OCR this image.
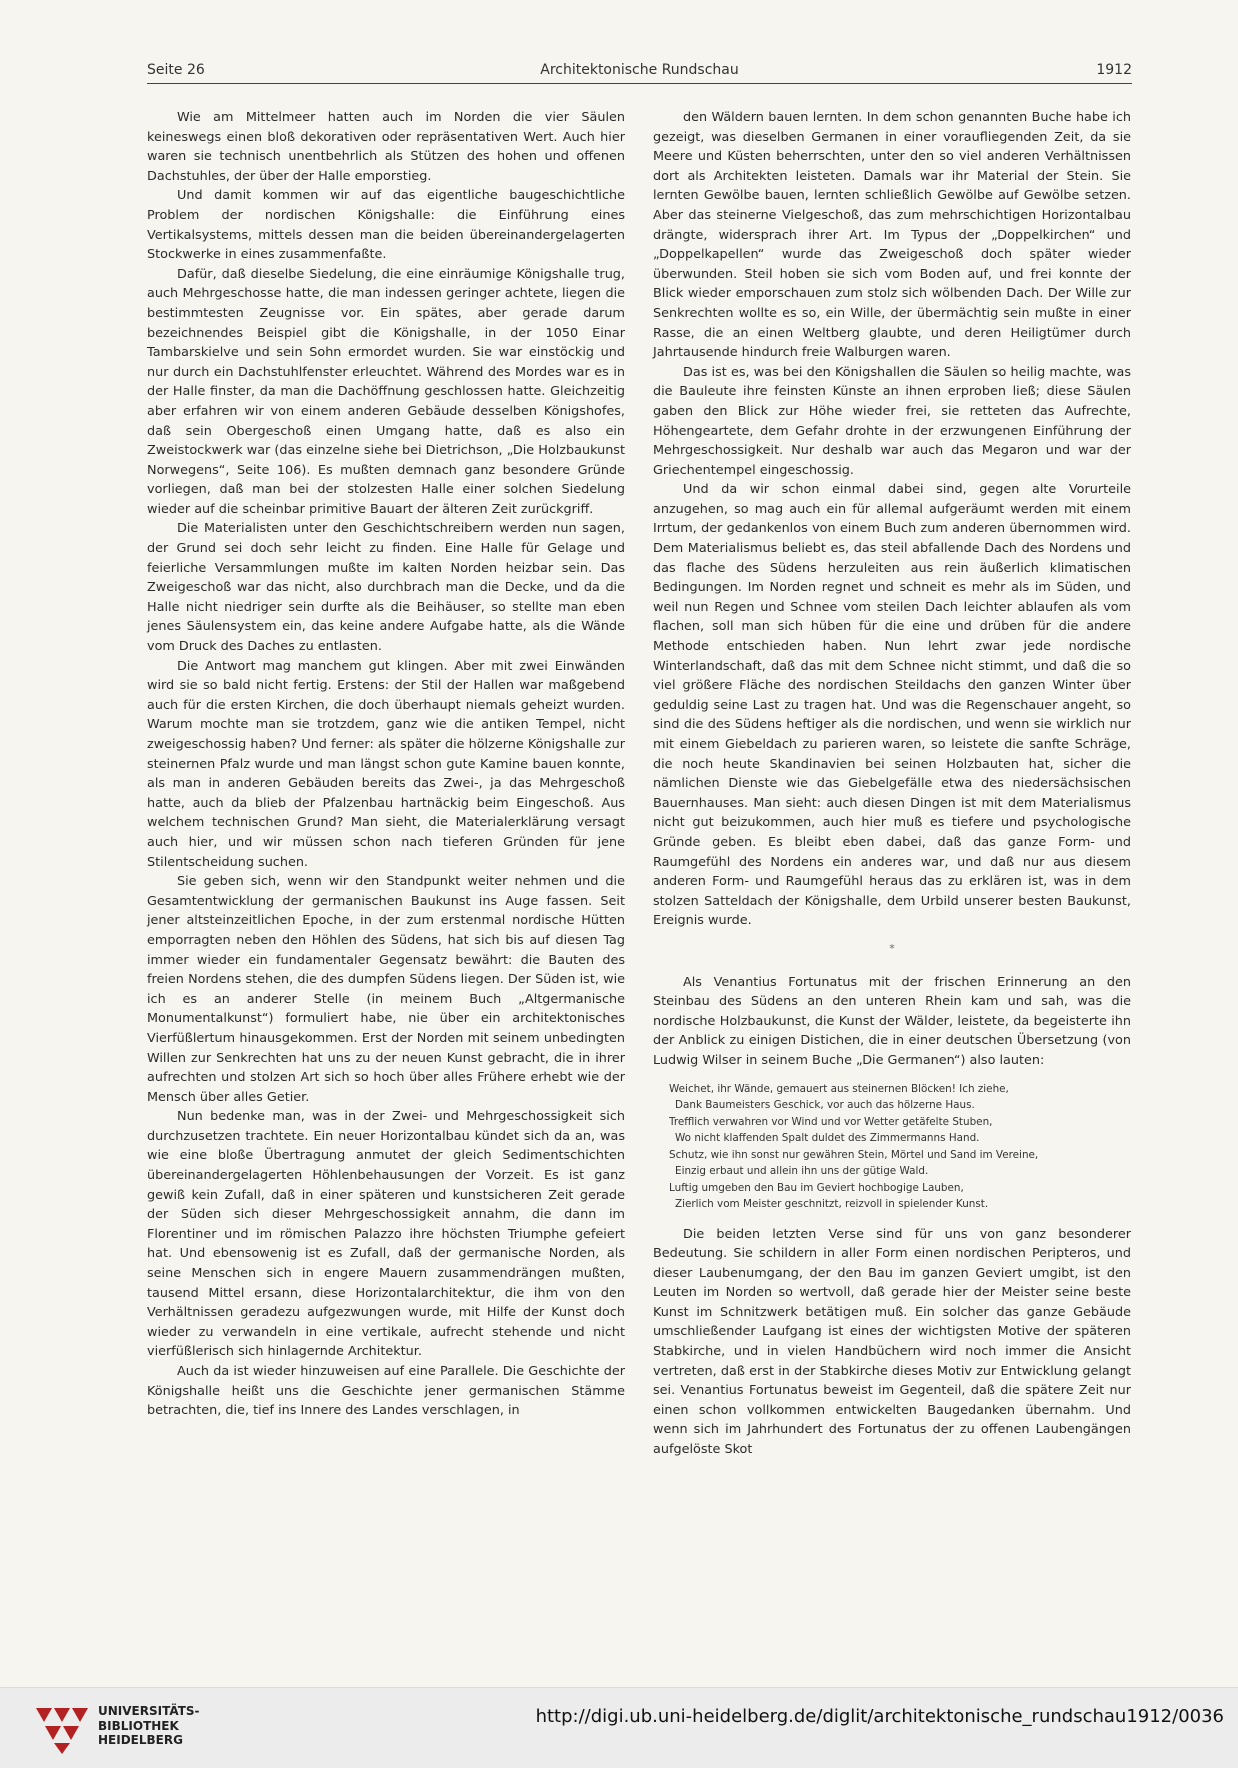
Seite 26	Architektonische Rundschau	1912

Wie am Mittelmeer hatten auch im Norden die vier Säulen keineswegs einen bloß dekorativen oder repräsentativen Wert. Auch hier waren sie technisch unentbehrlich als Stützen des hohen und offenen Dachstuhles, der über der Halle emporstieg.

Und damit kommen wir auf das eigentliche baugeschichtliche Problem der nordischen Königshalle: die Einführung eines Vertikalsystems, mittels dessen man die beiden übereinandergelagerten Stockwerke in eines zusammenfaßte.

Dafür, daß dieselbe Siedelung, die eine einräumige Königshalle trug, auch Mehrgeschosse hatte, die man indessen geringer achtete, liegen die bestimmtesten Zeugnisse vor. Ein spätes, aber gerade darum bezeichnendes Beispiel gibt die Königshalle, in der 1050 Einar Tambarskielve und sein Sohn ermordet wurden. Sie war einstöckig und nur durch ein Dachstuhlfenster erleuchtet. Während des Mordes war es in der Halle finster, da man die Dachöffnung geschlossen hatte. Gleichzeitig aber erfahren wir von einem anderen Gebäude desselben Königshofes, daß sein Obergeschoß einen Umgang hatte, daß es also ein Zweistockwerk war (das einzelne siehe bei Dietrichson, „Die Holzbaukunst Norwegens“, Seite 106). Es mußten demnach ganz besondere Gründe vorliegen, daß man bei der stolzesten Halle einer solchen Siedelung wieder auf die scheinbar primitive Bauart der älteren Zeit zurückgriff.

Die Materialisten unter den Geschichtschreibern werden nun sagen, der Grund sei doch sehr leicht zu finden. Eine Halle für Gelage und feierliche Versammlungen mußte im kalten Norden heizbar sein. Das Zweigeschoß war das nicht, also durchbrach man die Decke, und da die Halle nicht niedriger sein durfte als die Beihäuser, so stellte man eben jenes Säulensystem ein, das keine andere Aufgabe hatte, als die Wände vom Druck des Daches zu entlasten.

Die Antwort mag manchem gut klingen. Aber mit zwei Einwänden wird sie so bald nicht fertig. Erstens: der Stil der Hallen war maßgebend auch für die ersten Kirchen, die doch überhaupt niemals geheizt wurden. Warum mochte man sie trotzdem, ganz wie die antiken Tempel, nicht zweigeschossig haben? Und ferner: als später die hölzerne Königshalle zur steinernen Pfalz wurde und man längst schon gute Kamine bauen konnte, als man in anderen Gebäuden bereits das Zwei-, ja das Mehrgeschoß hatte, auch da blieb der Pfalzenbau hartnäckig beim Eingeschoß. Aus welchem technischen Grund? Man sieht, die Materialerklärung versagt auch hier, und wir müssen schon nach tieferen Gründen für jene Stilentscheidung suchen.

Sie geben sich, wenn wir den Standpunkt weiter nehmen und die Gesamtentwicklung der germanischen Baukunst ins Auge fassen. Seit jener altsteinzeitlichen Epoche, in der zum erstenmal nordische Hütten emporragten neben den Höhlen des Südens, hat sich bis auf diesen Tag immer wieder ein fundamentaler Gegensatz bewährt: die Bauten des freien Nordens stehen, die des dumpfen Südens liegen. Der Süden ist, wie ich es an anderer Stelle (in meinem Buch „Altgermanische Monumentalkunst“) formuliert habe, nie über ein architektonisches Vierfüßlertum hinausgekommen. Erst der Norden mit seinem unbedingten Willen zur Senkrechten hat uns zu der neuen Kunst gebracht, die in ihrer aufrechten und stolzen Art sich so hoch über alles Frühere erhebt wie der Mensch über alles Getier.

Nun bedenke man, was in der Zwei- und Mehrgeschossigkeit sich durchzusetzen trachtete. Ein neuer Horizontalbau kündet sich da an, was wie eine bloße Übertragung anmutet der gleich Sedimentschichten übereinandergelagerten Höhlenbehausungen der Vorzeit. Es ist ganz gewiß kein Zufall, daß in einer späteren und kunstsicheren Zeit gerade der Süden sich dieser Mehrgeschossigkeit annahm, die dann im Florentiner und im römischen Palazzo ihre höchsten Triumphe gefeiert hat. Und ebensowenig ist es Zufall, daß der germanische Norden, als seine Menschen sich in engere Mauern zusammendrängen mußten, tausend Mittel ersann, diese Horizontalarchitektur, die ihm von den Verhältnissen geradezu aufgezwungen wurde, mit Hilfe der Kunst doch wieder zu verwandeln in eine vertikale, aufrecht stehende und nicht vierfüßlerisch sich hinlagernde Architektur.

Auch da ist wieder hinzuweisen auf eine Parallele. Die Geschichte der Königshalle heißt uns die Geschichte jener germanischen Stämme betrachten, die, tief ins Innere des Landes verschlagen, in

den Wäldern bauen lernten. In dem schon genannten Buche habe ich gezeigt, was dieselben Germanen in einer voraufliegenden Zeit, da sie Meere und Küsten beherrschten, unter den so viel anderen Verhältnissen dort als Architekten leisteten. Damals war ihr Material der Stein. Sie lernten Gewölbe bauen, lernten schließlich Gewölbe auf Gewölbe setzen. Aber das steinerne Vielgeschoß, das zum mehrschichtigen Horizontalbau drängte, widersprach ihrer Art. Im Typus der „Doppelkirchen“ und „Doppelkapellen“ wurde das Zweigeschoß doch später wieder überwunden. Steil hoben sie sich vom Boden auf, und frei konnte der Blick wieder emporschauen zum stolz sich wölbenden Dach. Der Wille zur Senkrechten wollte es so, ein Wille, der übermächtig sein mußte in einer Rasse, die an einen Weltberg glaubte, und deren Heiligtümer durch Jahrtausende hindurch freie Walburgen waren.

Das ist es, was bei den Königshallen die Säulen so heilig machte, was die Bauleute ihre feinsten Künste an ihnen erproben ließ; diese Säulen gaben den Blick zur Höhe wieder frei, sie retteten das Aufrechte, Höhengeartete, dem Gefahr drohte in der erzwungenen Einführung der Mehrgeschossigkeit. Nur deshalb war auch das Megaron und war der Griechentempel eingeschossig.

Und da wir schon einmal dabei sind, gegen alte Vorurteile anzugehen, so mag auch ein für allemal aufgeräumt werden mit einem Irrtum, der gedankenlos von einem Buch zum anderen übernommen wird. Dem Materialismus beliebt es, das steil abfallende Dach des Nordens und das flache des Südens herzuleiten aus rein äußerlich klimatischen Bedingungen. Im Norden regnet und schneit es mehr als im Süden, und weil nun Regen und Schnee vom steilen Dach leichter ablaufen als vom flachen, soll man sich hüben für die eine und drüben für die andere Methode entschieden haben. Nun lehrt zwar jede nordische Winterlandschaft, daß das mit dem Schnee nicht stimmt, und daß die so viel größere Fläche des nordischen Steildachs den ganzen Winter über geduldig seine Last zu tragen hat. Und was die Regenschauer angeht, so sind die des Südens heftiger als die nordischen, und wenn sie wirklich nur mit einem Giebeldach zu parieren waren, so leistete die sanfte Schräge, die noch heute Skandinavien bei seinen Holzbauten hat, sicher die nämlichen Dienste wie das Giebelgefälle etwa des niedersächsischen Bauernhauses. Man sieht: auch diesen Dingen ist mit dem Materialismus nicht gut beizukommen, auch hier muß es tiefere und psychologische Gründe geben. Es bleibt eben dabei, daß das ganze Form- und Raumgefühl des Nordens ein anderes war, und daß nur aus diesem anderen Form- und Raumgefühl heraus das zu erklären ist, was in dem stolzen Satteldach der Königshalle, dem Urbild unserer besten Baukunst, Ereignis wurde.

*

Als Venantius Fortunatus mit der frischen Erinnerung an den Steinbau des Südens an den unteren Rhein kam und sah, was die nordische Holzbaukunst, die Kunst der Wälder, leistete, da begeisterte ihn der Anblick zu einigen Distichen, die in einer deutschen Übersetzung (von Ludwig Wilser in seinem Buche „Die Germanen“) also lauten:

Weichet, ihr Wände, gemauert aus steinernen Blöcken! Ich ziehe,
Dank Baumeisters Geschick, vor auch das hölzerne Haus.
Trefflich verwahren vor Wind und vor Wetter getäfelte Stuben,
Wo nicht klaffenden Spalt duldet des Zimmermanns Hand.
Schutz, wie ihn sonst nur gewähren Stein, Mörtel und Sand im Vereine,
Einzig erbaut und allein ihn uns der gütige Wald.
Luftig umgeben den Bau im Geviert hochbogige Lauben,
Zierlich vom Meister geschnitzt, reizvoll in spielender Kunst.

Die beiden letzten Verse sind für uns von ganz besonderer Bedeutung. Sie schildern in aller Form einen nordischen Peripteros, und dieser Laubenumgang, der den Bau im ganzen Geviert umgibt, ist den Leuten im Norden so wertvoll, daß gerade hier der Meister seine beste Kunst im Schnitzwerk betätigen muß. Ein solcher das ganze Gebäude umschließender Laufgang ist eines der wichtigsten Motive der späteren Stabkirche, und in vielen Handbüchern wird noch immer die Ansicht vertreten, daß erst in der Stabkirche dieses Motiv zur Entwicklung gelangt sei. Venantius Fortunatus beweist im Gegenteil, daß die spätere Zeit nur einen schon vollkommen entwickelten Baugedanken übernahm. Und wenn sich im Jahrhundert des Fortunatus der zu offenen Laubengängen aufgelöste Skot

UNIVERSITÄTS-
BIBLIOTHEK
HEIDELBERG
http://digi.ub.uni-heidelberg.de/diglit/architektonische_rundschau1912/0036
